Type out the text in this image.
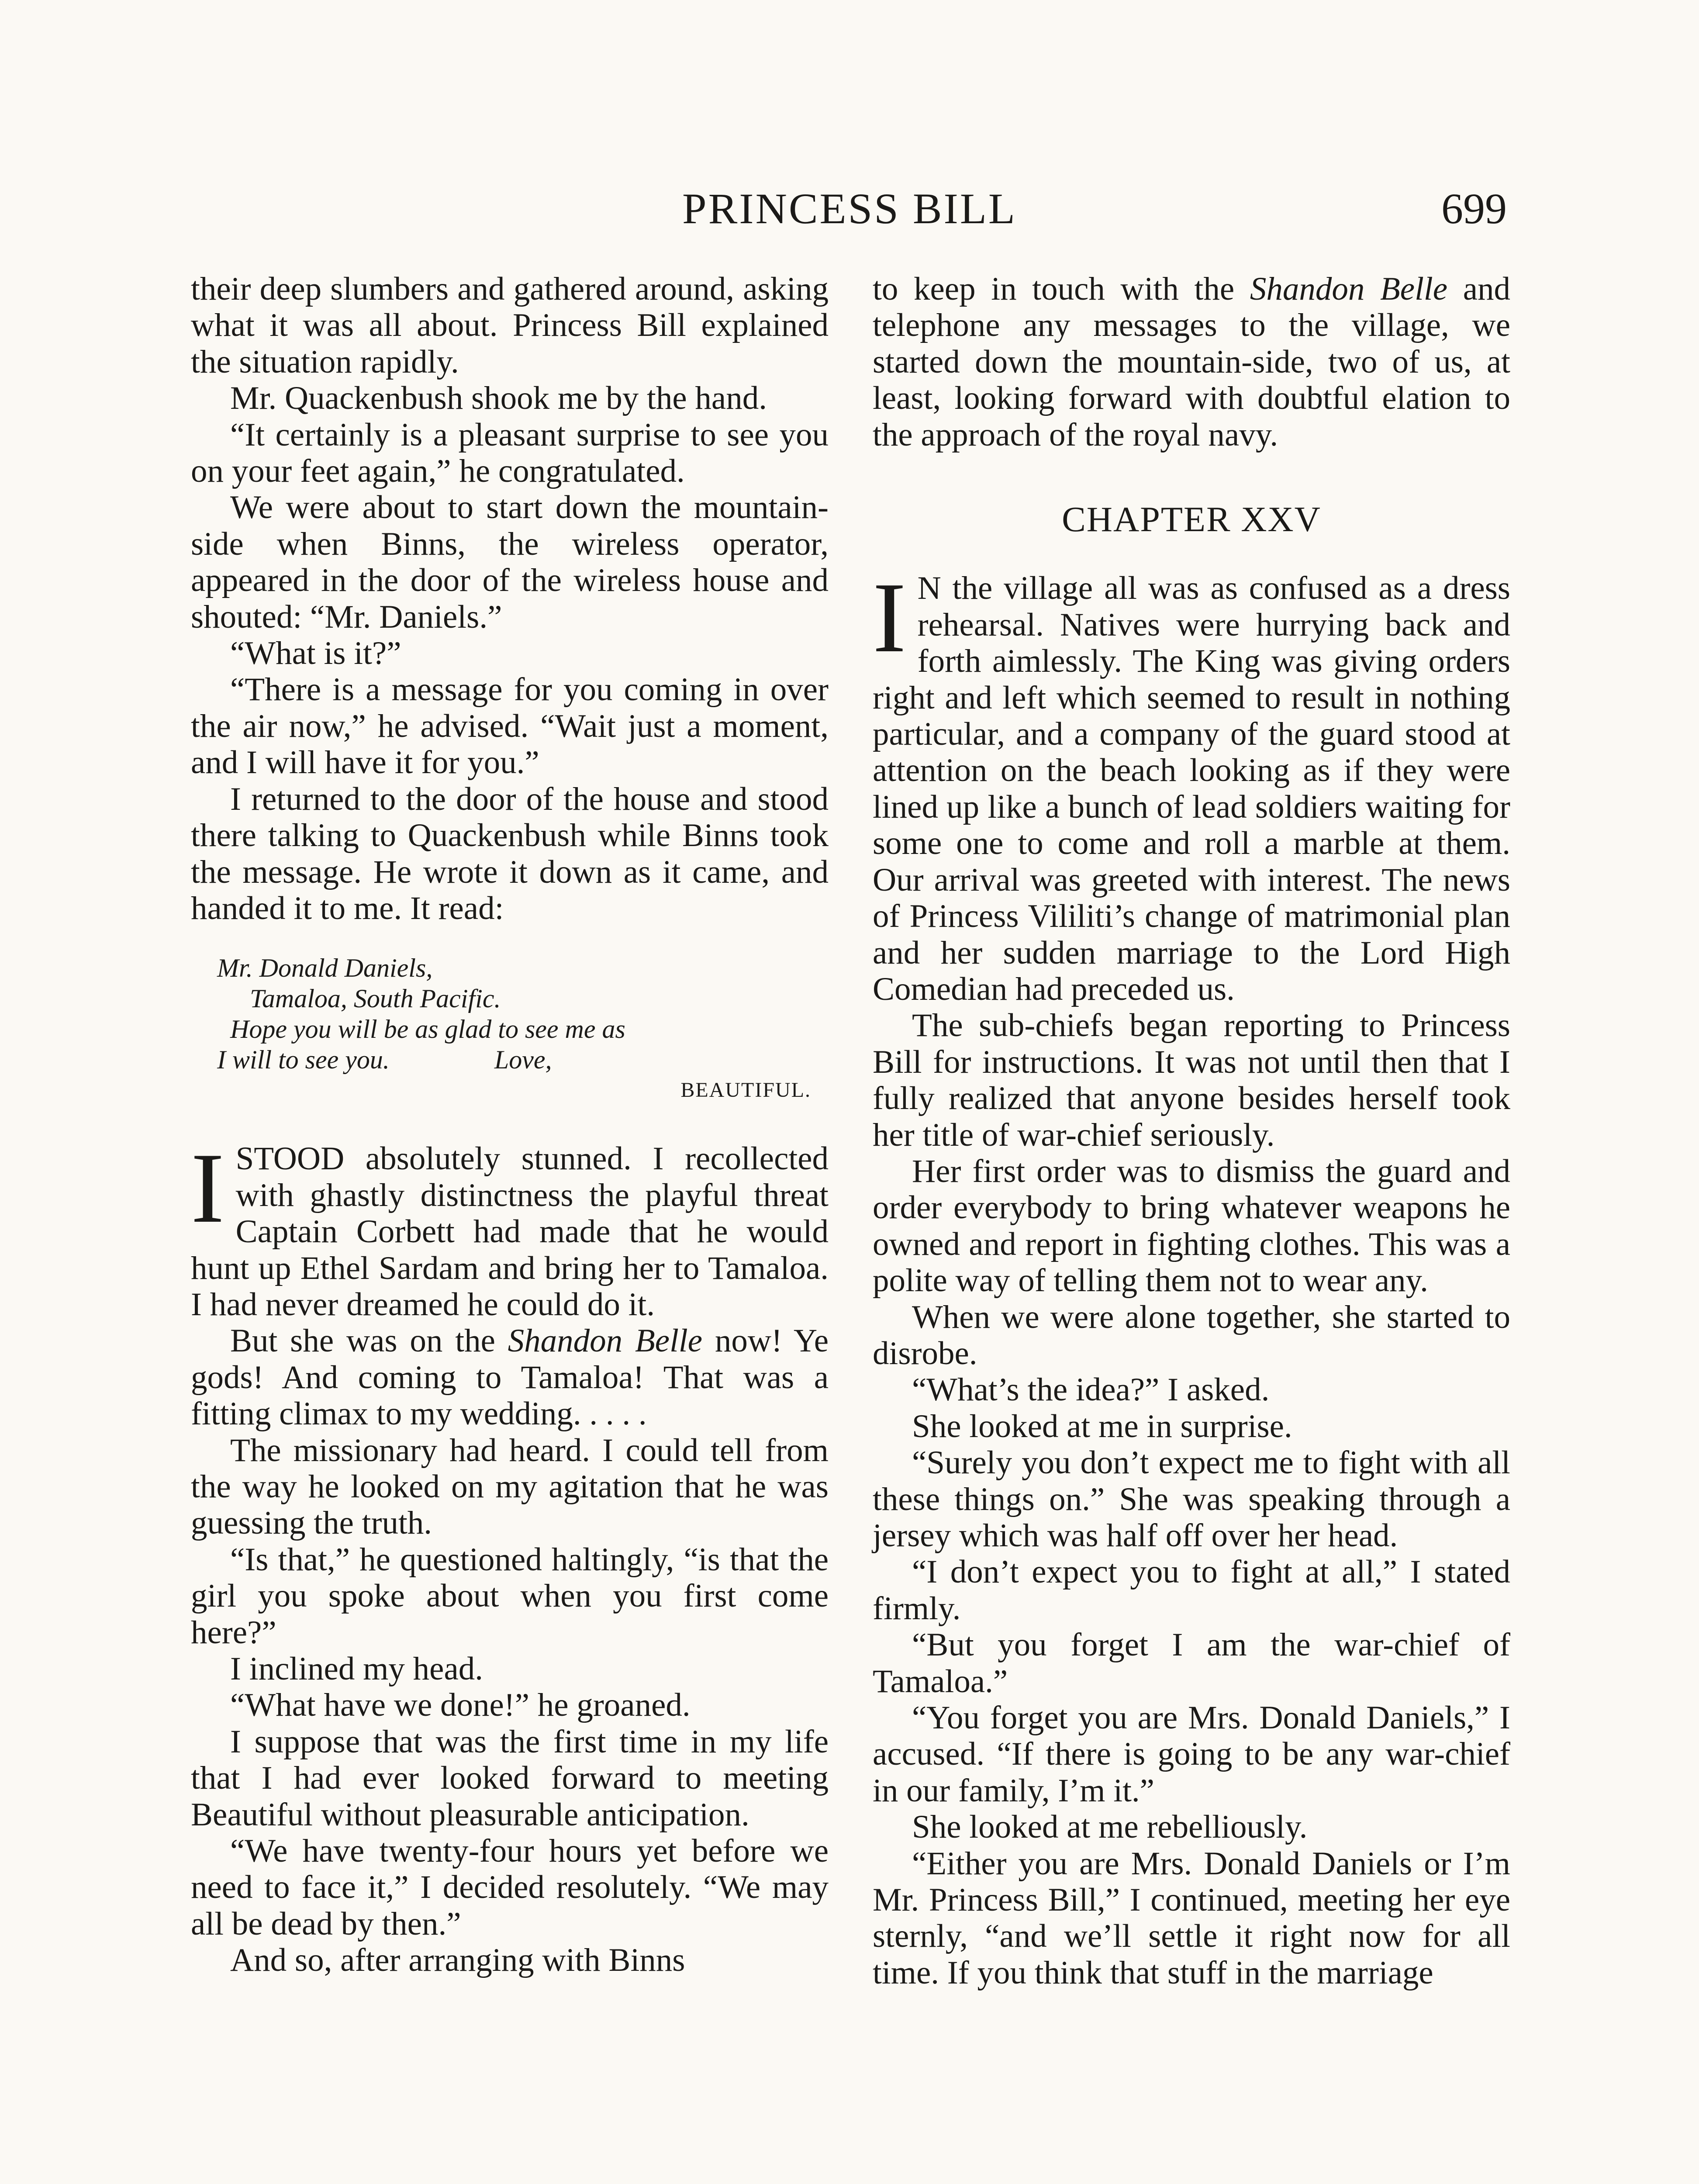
PRINCESS BILL	699

their deep slumbers and gathered around, asking what it was all about. Princess Bill explained the situation rapidly.

Mr. Quackenbush shook me by the hand.

“It certainly is a pleasant surprise to see you on your feet again,” he congratulated.

We were about to start down the mountain-side when Binns, the wireless operator, appeared in the door of the wireless house and shouted: “Mr. Daniels.”

“What is it?”

“There is a message for you coming in over the air now,” he advised. “Wait just a moment, and I will have it for you.”

I returned to the door of the house and stood there talking to Quackenbush while Binns took the message. He wrote it down as it came, and handed it to me. It read:

Mr. Donald Daniels,
Tamaloa, South Pacific.
Hope you will be as glad to see me as
I will to see you.                Love,
BEAUTIFUL.

I STOOD absolutely stunned. I recollected with ghastly distinctness the playful threat Captain Corbett had made that he would hunt up Ethel Sardam and bring her to Tamaloa. I had never dreamed he could do it.

But she was on the Shandon Belle now! Ye gods! And coming to Tamaloa! That was a fitting climax to my wedding. . . . .

The missionary had heard. I could tell from the way he looked on my agitation that he was guessing the truth.

“Is that,” he questioned haltingly, “is that the girl you spoke about when you first come here?”

I inclined my head.

“What have we done!” he groaned.

I suppose that was the first time in my life that I had ever looked forward to meeting Beautiful without pleasurable anticipation.

“We have twenty-four hours yet before we need to face it,” I decided resolutely. “We may all be dead by then.”

And so, after arranging with Binns

to keep in touch with the Shandon Belle and telephone any messages to the village, we started down the mountain-side, two of us, at least, looking forward with doubtful elation to the approach of the royal navy.

CHAPTER XXV

I N the village all was as confused as a dress rehearsal. Natives were hurrying back and forth aimlessly. The King was giving orders right and left which seemed to result in nothing particular, and a company of the guard stood at attention on the beach looking as if they were lined up like a bunch of lead soldiers waiting for some one to come and roll a marble at them. Our arrival was greeted with interest. The news of Princess Vililiti’s change of matrimonial plan and her sudden marriage to the Lord High Comedian had preceded us.

The sub-chiefs began reporting to Princess Bill for instructions. It was not until then that I fully realized that anyone besides herself took her title of war-chief seriously.

Her first order was to dismiss the guard and order everybody to bring whatever weapons he owned and report in fighting clothes. This was a polite way of telling them not to wear any.

When we were alone together, she started to disrobe.

“What’s the idea?” I asked.

She looked at me in surprise.

“Surely you don’t expect me to fight with all these things on.” She was speaking through a jersey which was half off over her head.

“I don’t expect you to fight at all,” I stated firmly.

“But you forget I am the war-chief of Tamaloa.”

“You forget you are Mrs. Donald Daniels,” I accused. “If there is going to be any war-chief in our family, I’m it.”

She looked at me rebelliously.

“Either you are Mrs. Donald Daniels or I’m Mr. Princess Bill,” I continued, meeting her eye sternly, “and we’ll settle it right now for all time. If you think that stuff in the marriage
